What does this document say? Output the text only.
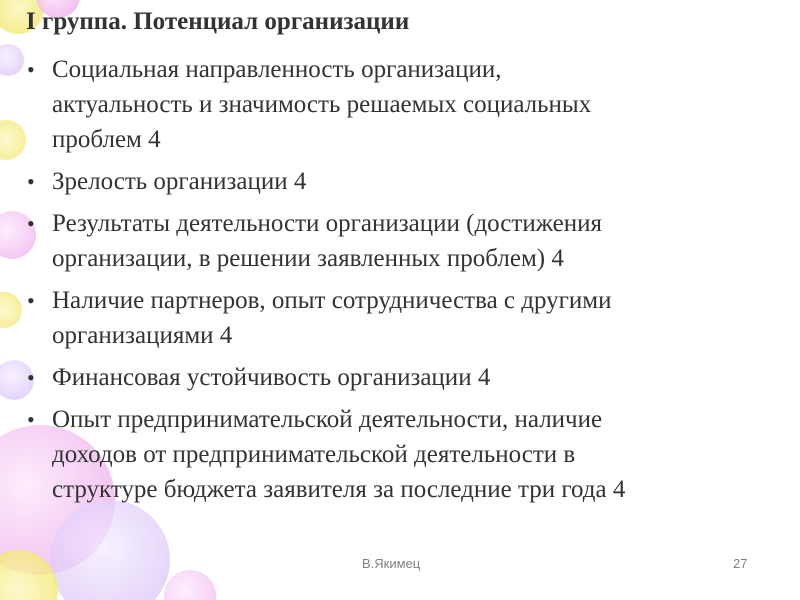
I группа. Потенциал организации
• Социальная направленность организации,
актуальность и значимость решаемых социальных
проблем 4
• Зрелость организации 4
• Результаты деятельности организации (достижения
организации, в решении заявленных проблем) 4
• Наличие партнеров, опыт сотрудничества с другими
организациями 4
• Финансовая устойчивость организации 4
• Опыт предпринимательской деятельности, наличие
доходов от предпринимательской деятельности в
структуре бюджета заявителя за последние три года 4
В.Якимец	27
